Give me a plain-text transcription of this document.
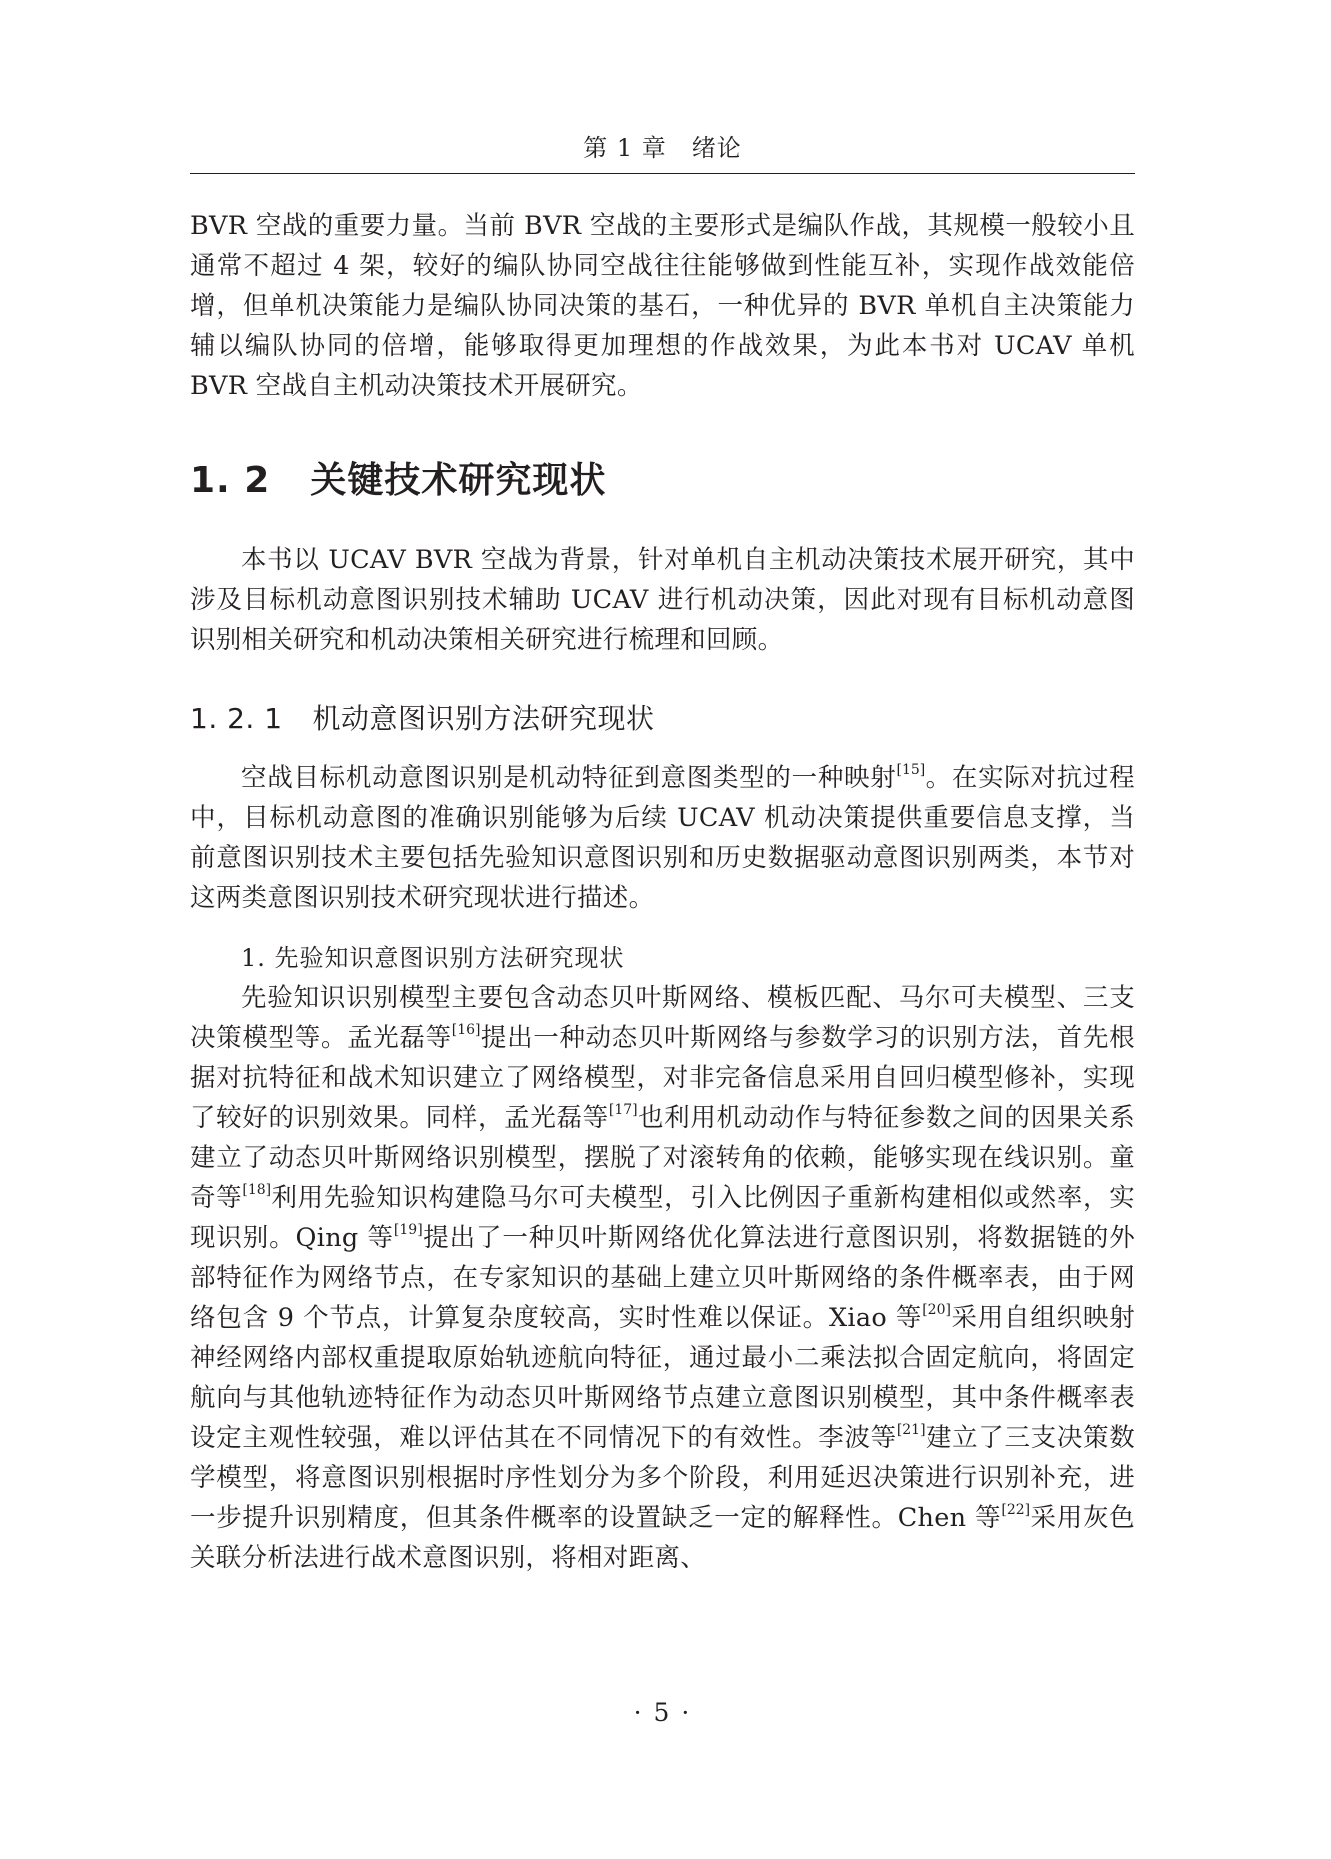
第 1 章　绪论

BVR 空战的重要力量。当前 BVR 空战的主要形式是编队作战，其规模一般较小且通常不超过 4 架，较好的编队协同空战往往能够做到性能互补，实现作战效能倍增，但单机决策能力是编队协同决策的基石，一种优异的 BVR 单机自主决策能力辅以编队协同的倍增，能够取得更加理想的作战效果，为此本书对 UCAV 单机 BVR 空战自主机动决策技术开展研究。

1. 2 关键技术研究现状

本书以 UCAV BVR 空战为背景，针对单机自主机动决策技术展开研究，其中涉及目标机动意图识别技术辅助 UCAV 进行机动决策，因此对现有目标机动意图识别相关研究和机动决策相关研究进行梳理和回顾。

1. 2. 1 机动意图识别方法研究现状

空战目标机动意图识别是机动特征到意图类型的一种映射[15]。在实际对抗过程中，目标机动意图的准确识别能够为后续 UCAV 机动决策提供重要信息支撑，当前意图识别技术主要包括先验知识意图识别和历史数据驱动意图识别两类，本节对这两类意图识别技术研究现状进行描述。

1. 先验知识意图识别方法研究现状

先验知识识别模型主要包含动态贝叶斯网络、模板匹配、马尔可夫模型、三支决策模型等。孟光磊等[16]提出一种动态贝叶斯网络与参数学习的识别方法，首先根据对抗特征和战术知识建立了网络模型，对非完备信息采用自回归模型修补，实现了较好的识别效果。同样，孟光磊等[17]也利用机动动作与特征参数之间的因果关系建立了动态贝叶斯网络识别模型，摆脱了对滚转角的依赖，能够实现在线识别。童奇等[18]利用先验知识构建隐马尔可夫模型，引入比例因子重新构建相似或然率，实现识别。Qing 等[19]提出了一种贝叶斯网络优化算法进行意图识别，将数据链的外部特征作为网络节点，在专家知识的基础上建立贝叶斯网络的条件概率表，由于网络包含 9 个节点，计算复杂度较高，实时性难以保证。Xiao 等[20]采用自组织映射神经网络内部权重提取原始轨迹航向特征，通过最小二乘法拟合固定航向，将固定航向与其他轨迹特征作为动态贝叶斯网络节点建立意图识别模型，其中条件概率表设定主观性较强，难以评估其在不同情况下的有效性。李波等[21]建立了三支决策数学模型，将意图识别根据时序性划分为多个阶段，利用延迟决策进行识别补充，进一步提升识别精度，但其条件概率的设置缺乏一定的解释性。Chen 等[22]采用灰色关联分析法进行战术意图识别，将相对距离、

· 5 ·
